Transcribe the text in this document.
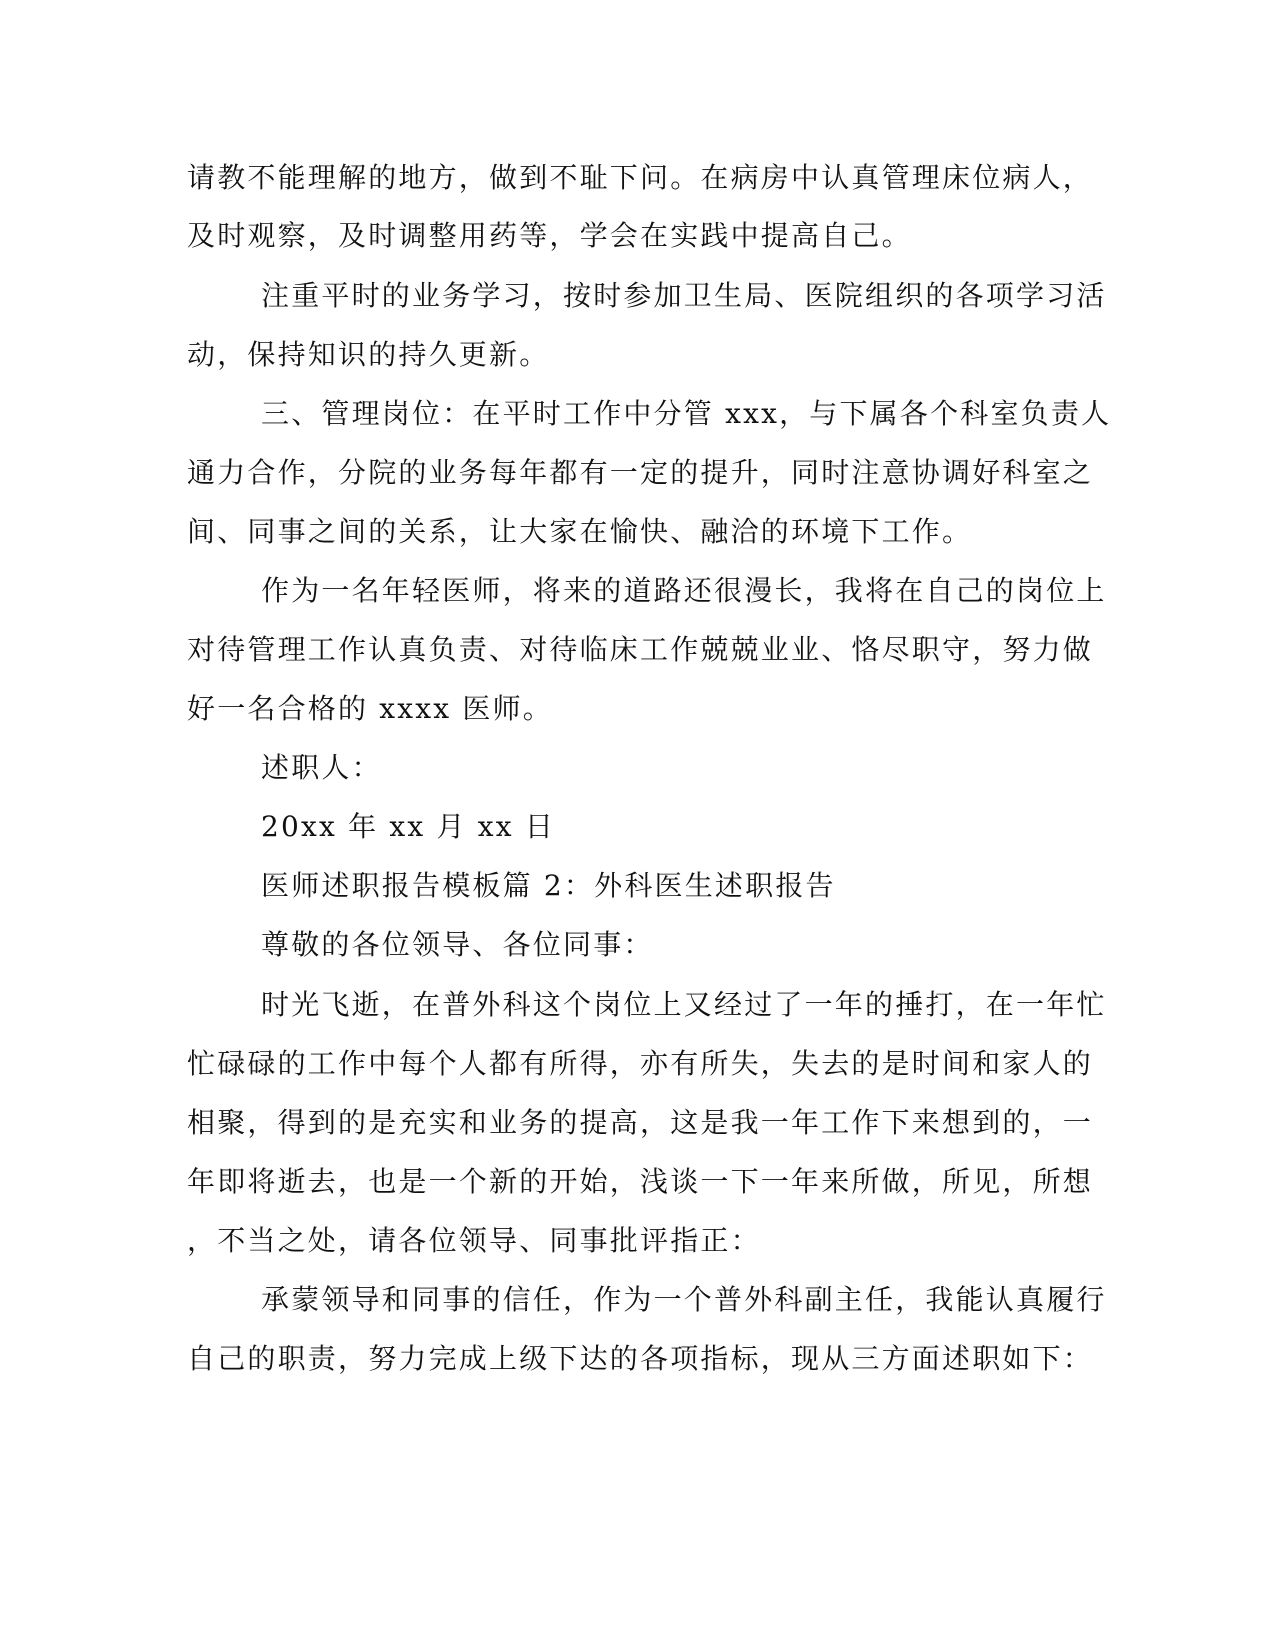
请教不能理解的地方，做到不耻下问。在病房中认真管理床位病人，
及时观察，及时调整用药等，学会在实践中提高自己。
注重平时的业务学习，按时参加卫生局、医院组织的各项学习活
动，保持知识的持久更新。
三、管理岗位：在平时工作中分管 xxx，与下属各个科室负责人
通力合作，分院的业务每年都有一定的提升，同时注意协调好科室之
间、同事之间的关系，让大家在愉快、融洽的环境下工作。
作为一名年轻医师，将来的道路还很漫长，我将在自己的岗位上
对待管理工作认真负责、对待临床工作兢兢业业、恪尽职守，努力做
好一名合格的 xxxx 医师。
述职人：
20xx 年 xx 月 xx 日
医师述职报告模板篇 2：外科医生述职报告
尊敬的各位领导、各位同事：
时光飞逝，在普外科这个岗位上又经过了一年的捶打，在一年忙
忙碌碌的工作中每个人都有所得，亦有所失，失去的是时间和家人的
相聚，得到的是充实和业务的提高，这是我一年工作下来想到的，一
年即将逝去，也是一个新的开始，浅谈一下一年来所做，所见，所想
，不当之处，请各位领导、同事批评指正：
承蒙领导和同事的信任，作为一个普外科副主任，我能认真履行
自己的职责，努力完成上级下达的各项指标，现从三方面述职如下：
